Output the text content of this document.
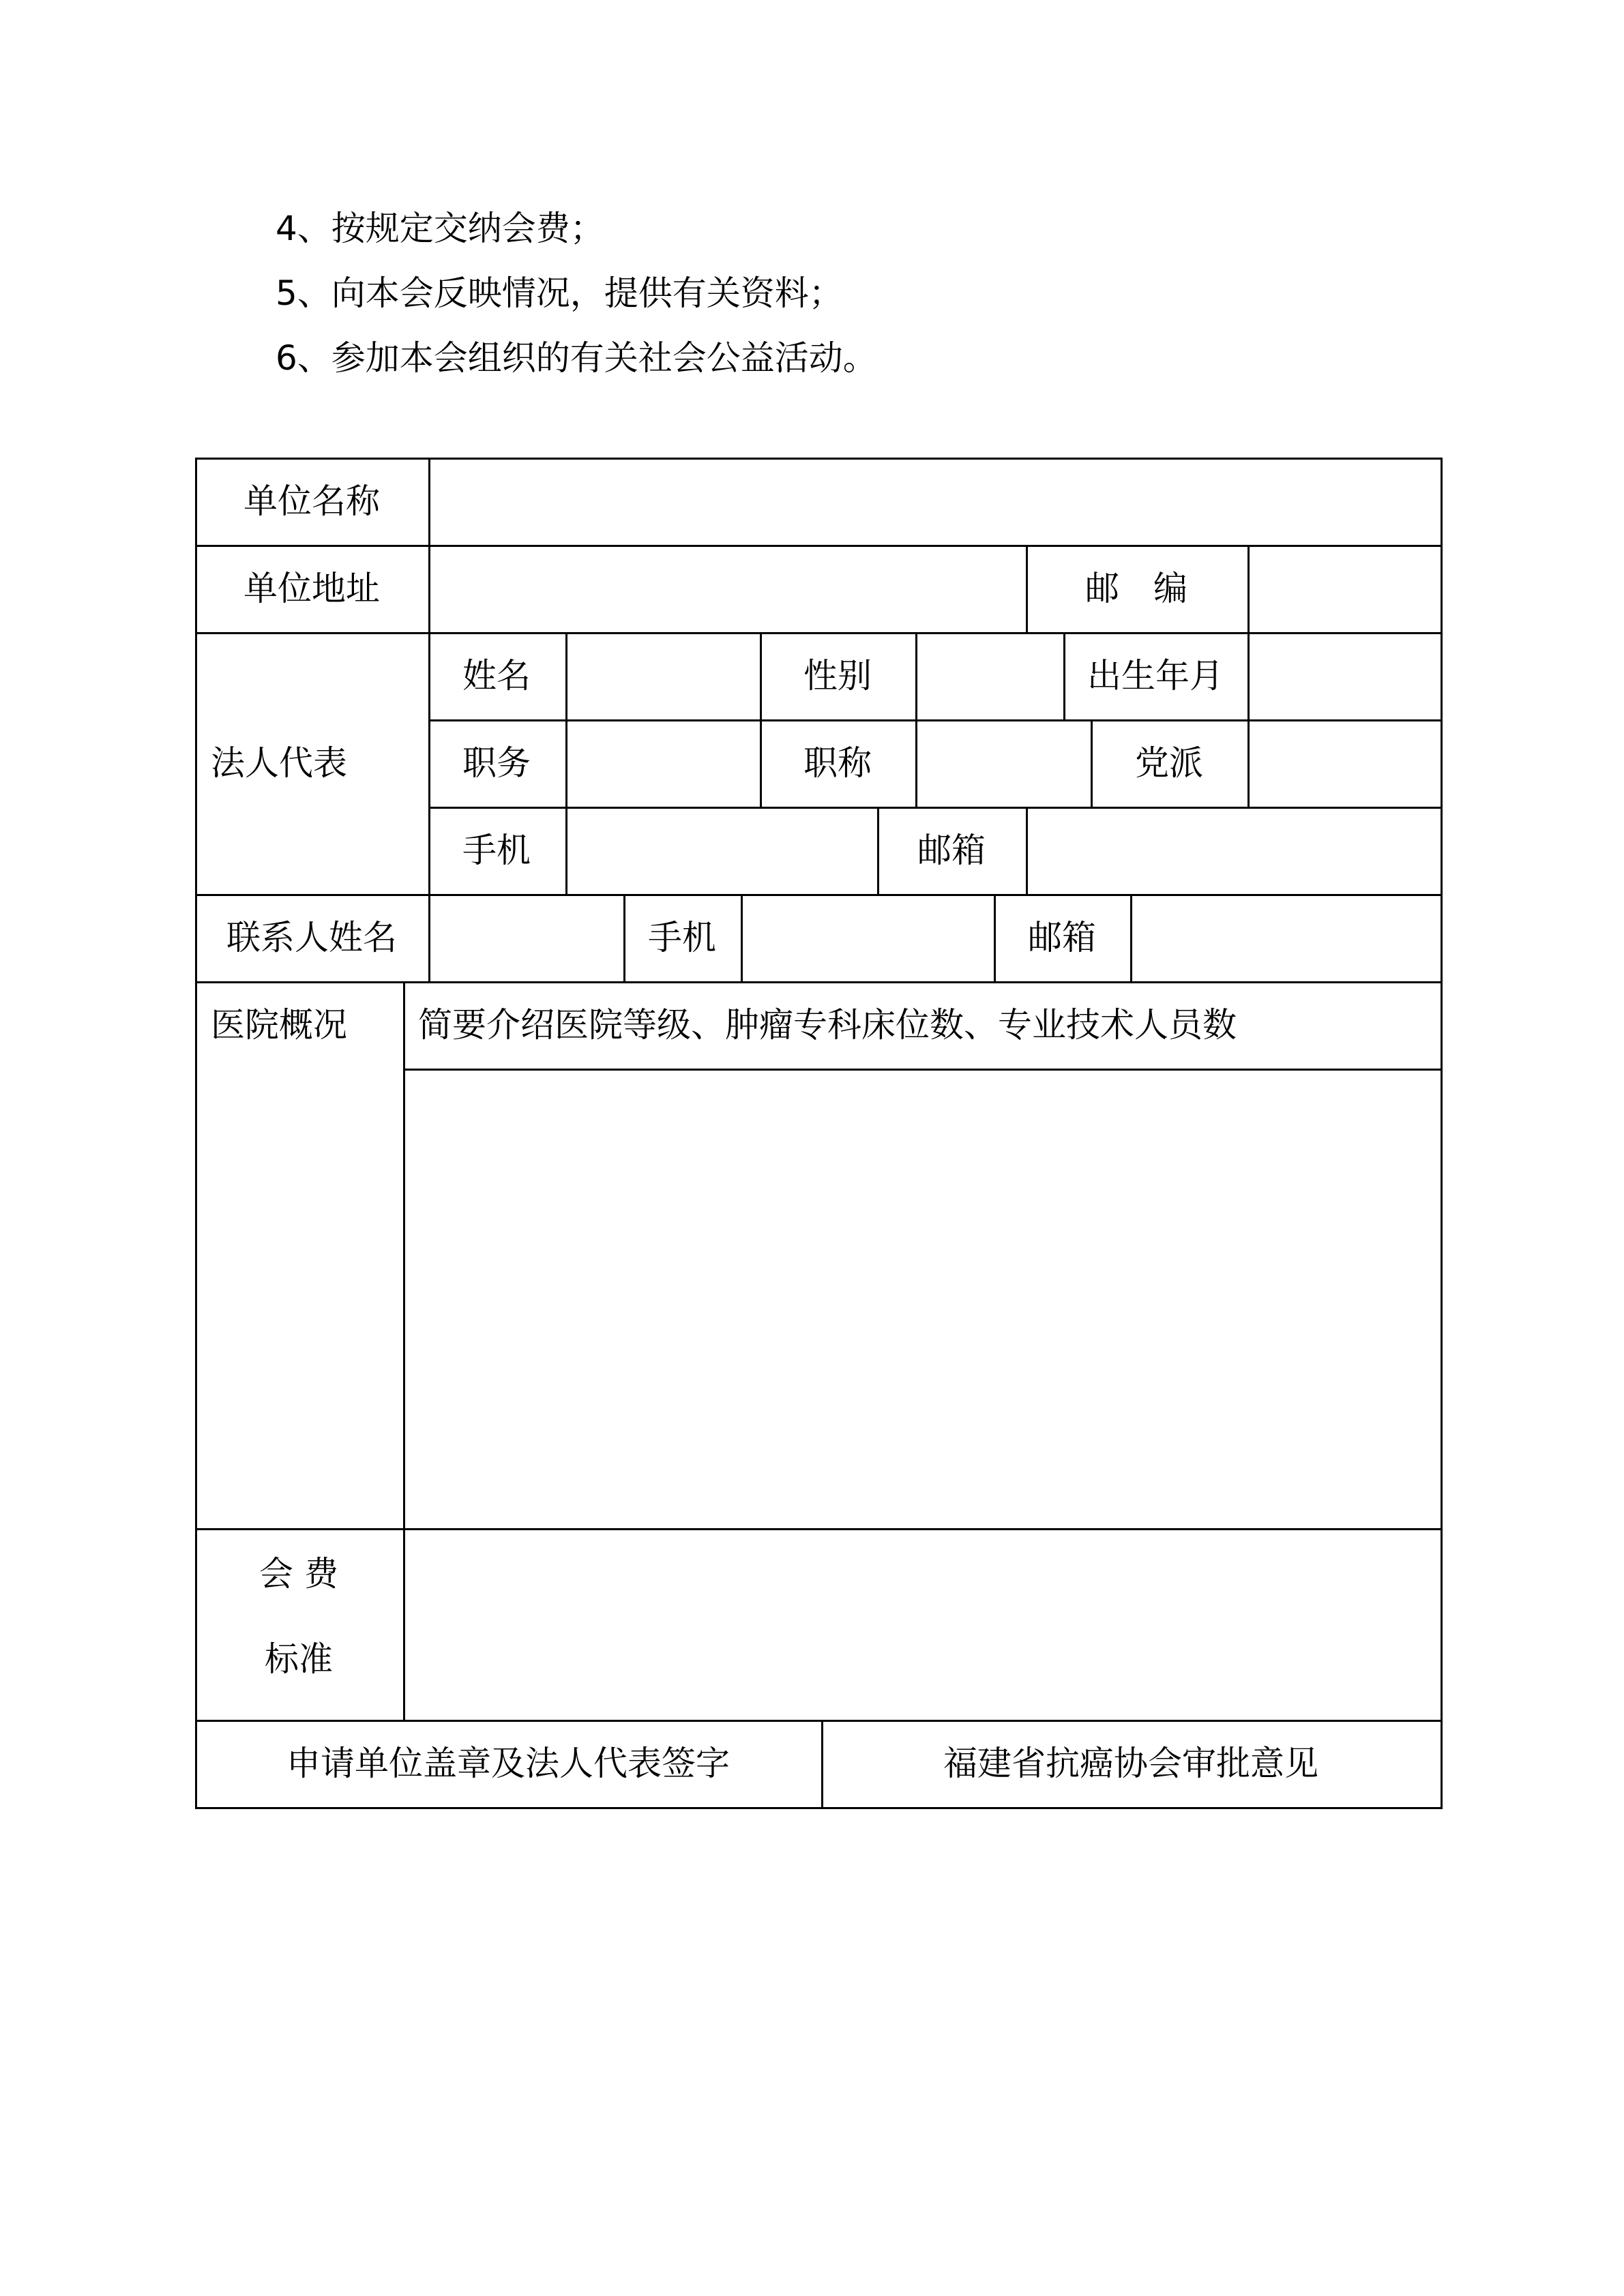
4、按规定交纳会费；
5、向本会反映情况，提供有关资料；
6、参加本会组织的有关社会公益活动。
单位名称
单位地址	邮　编
法人代表
姓名	性别	出生年月
职务	职称	党派
手机	邮箱
联系人姓名	手机	邮箱
医院概况 简要介绍医院等级、肿瘤专科床位数、专业技术人员数
会 费
标准
申请单位盖章及法人代表签字	福建省抗癌协会审批意见
